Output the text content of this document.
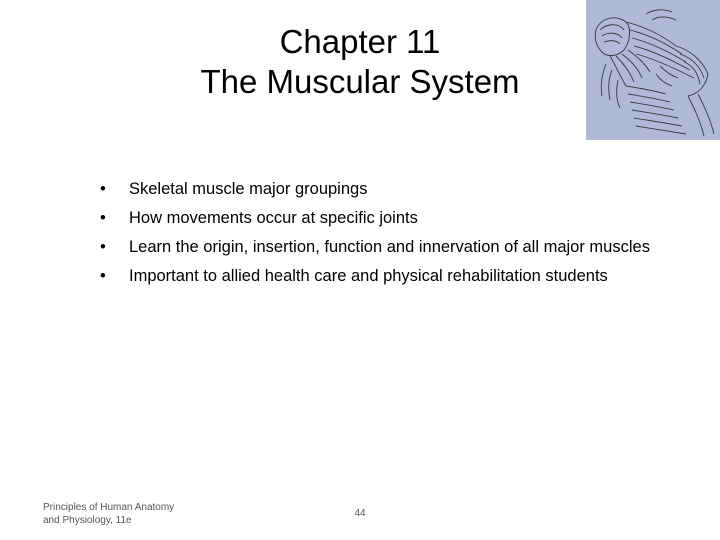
Chapter 11
The Muscular System
•	Skeletal muscle major groupings
•	How movements occur at specific joints
•	Learn the origin, insertion, function and innervation of all major muscles
•	Important to allied health care and physical rehabilitation students
Principles of Human Anatomy
and Physiology, 11e
44
